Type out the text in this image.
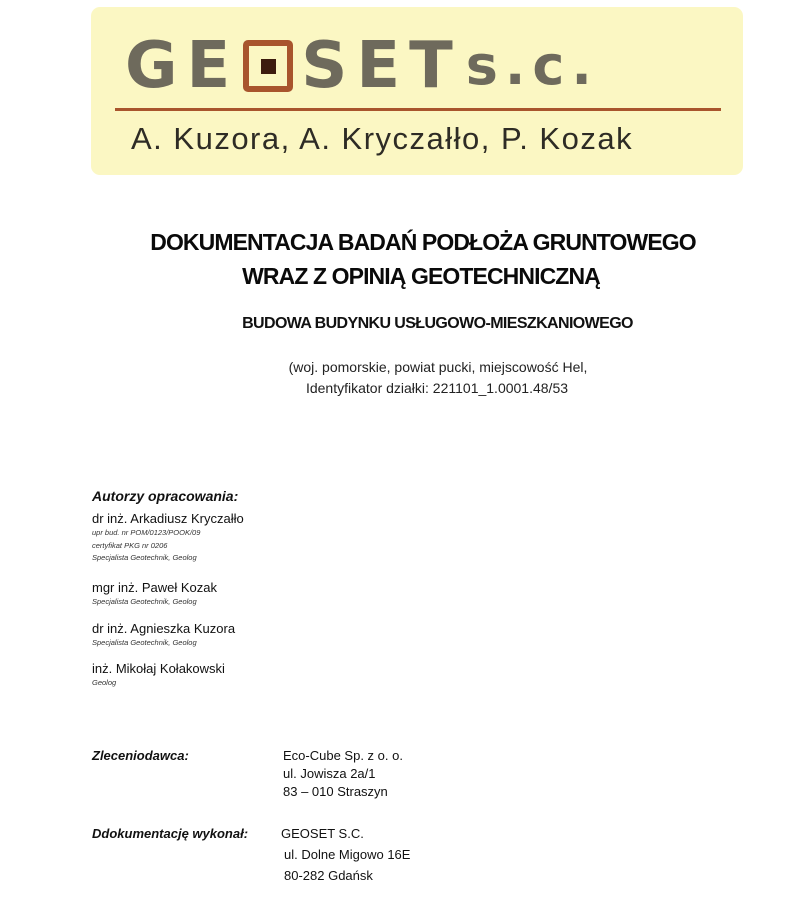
GE SET s.c.
A. Kuzora, A. Kryczałło, P. Kozak
DOKUMENTACJA BADAŃ PODŁOŻA GRUNTOWEGO
WRAZ Z OPINIĄ GEOTECHNICZNĄ
BUDOWA BUDYNKU USŁUGOWO-MIESZKANIOWEGO
(woj. pomorskie, powiat pucki, miejscowość Hel,
Identyfikator działki: 221101_1.0001.48/53
Autorzy opracowania:
dr inż. Arkadiusz Kryczałło
upr bud. nr POM/0123/POOK/09
certyfikat PKG nr 0206
Specjalista Geotechnik, Geolog
mgr inż. Paweł Kozak
Specjalista Geotechnik, Geolog
dr inż. Agnieszka Kuzora
Specjalista Geotechnik, Geolog
inż. Mikołaj Kołakowski
Geolog
Zleceniodawca:	Eco-Cube Sp. z o. o.
ul. Jowisza 2a/1
83 – 010 Straszyn
Ddokumentację wykonał:	GEOSET S.C.
ul. Dolne Migowo 16E
80-282 Gdańsk
